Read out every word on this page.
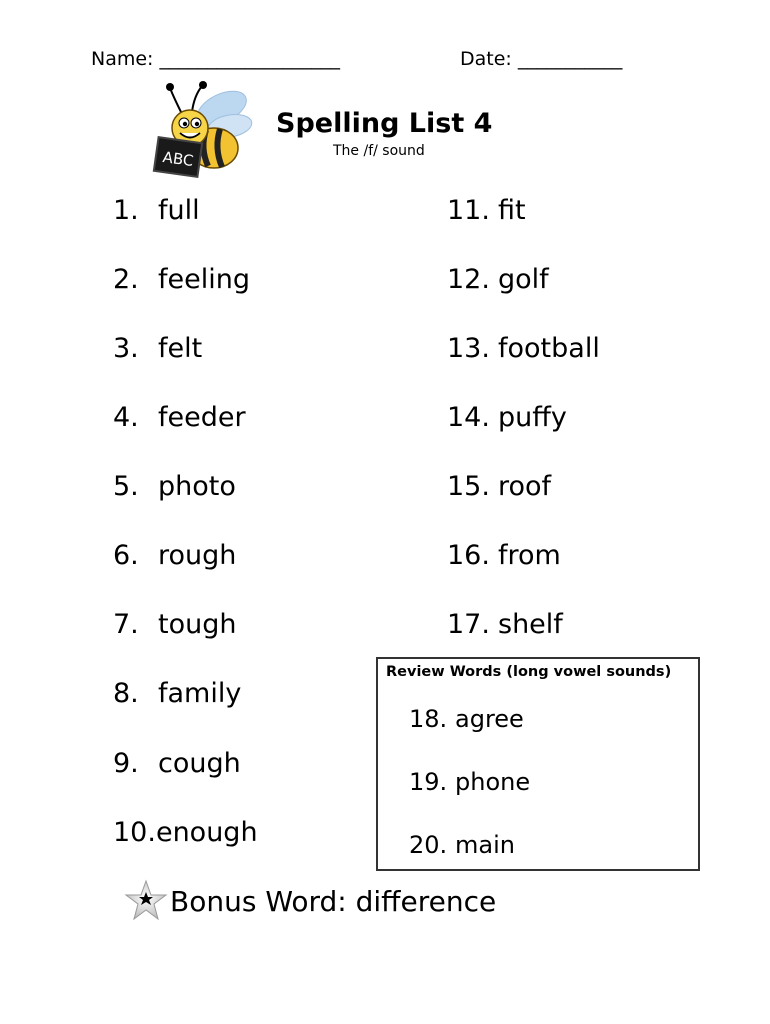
Name: ___________________	Date: ___________
ABC
Spelling List 4
The /f/ sound
1. full
2. feeling
3. felt
4. feeder
5. photo
6. rough
7. tough
8. family
9. cough
10.enough
11. fit
12. golf
13. football
14. puffy
15. roof
16. from
17. shelf
Review Words (long vowel sounds)
18. agree
19. phone
20. main
Bonus Word: difference
